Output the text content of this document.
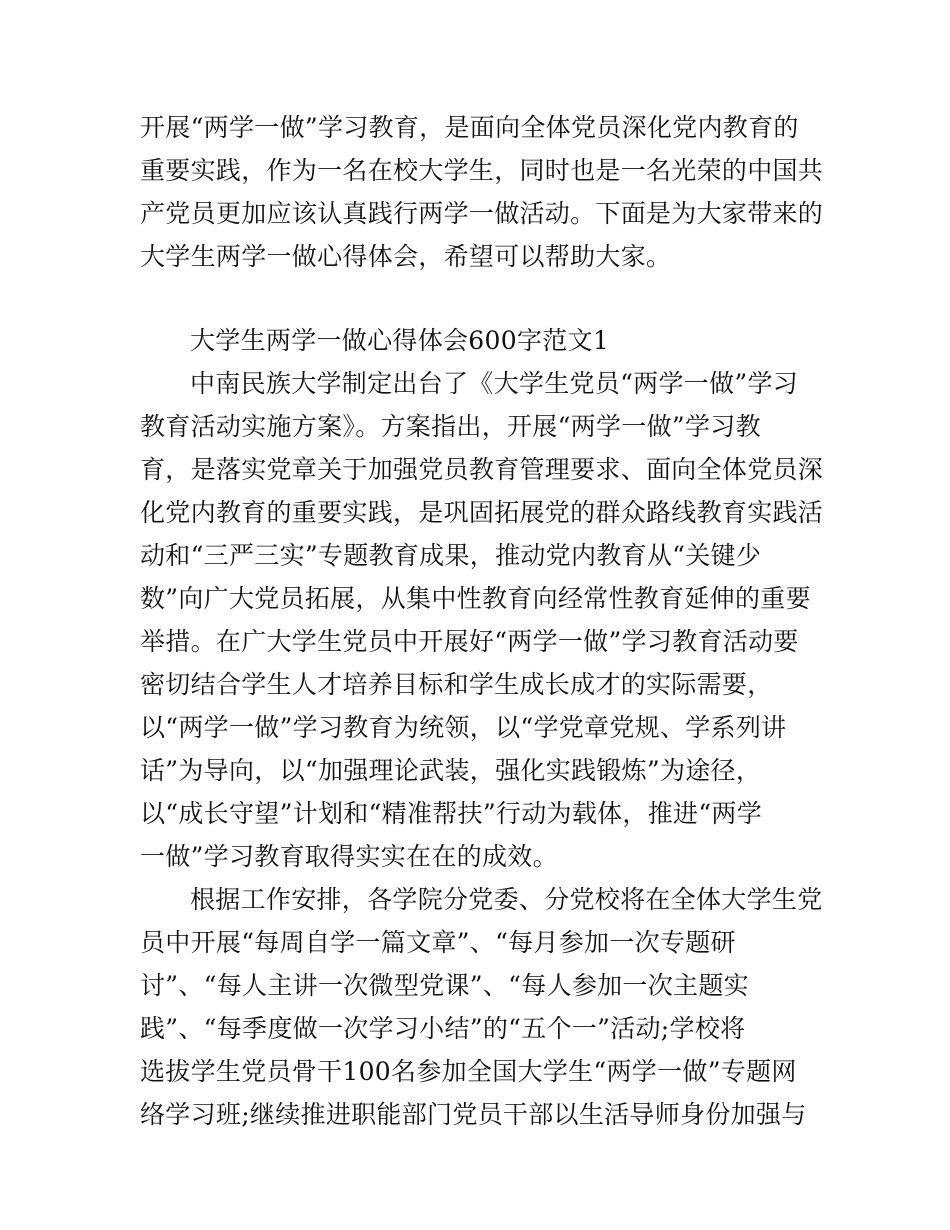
开展“两学一做”学习教育，是面向全体党员深化党内教育的
重要实践，作为一名在校大学生，同时也是一名光荣的中国共
产党员更加应该认真践行两学一做活动。下面是为大家带来的
大学生两学一做心得体会，希望可以帮助大家。
大学生两学一做心得体会600字范文1
中南民族大学制定出台了《大学生党员“两学一做”学习
教育活动实施方案》。方案指出，开展“两学一做”学习教
育，是落实党章关于加强党员教育管理要求、面向全体党员深
化党内教育的重要实践，是巩固拓展党的群众路线教育实践活
动和“三严三实”专题教育成果，推动党内教育从“关键少
数”向广大党员拓展，从集中性教育向经常性教育延伸的重要
举措。在广大学生党员中开展好“两学一做”学习教育活动要
密切结合学生人才培养目标和学生成长成才的实际需要，
以“两学一做”学习教育为统领，以“学党章党规、学系列讲
话”为导向，以“加强理论武装，强化实践锻炼”为途径，
以“成长守望”计划和“精准帮扶”行动为载体，推进“两学
一做”学习教育取得实实在在的成效。
根据工作安排，各学院分党委、分党校将在全体大学生党
员中开展“每周自学一篇文章”、“每月参加一次专题研
讨”、“每人主讲一次微型党课”、“每人参加一次主题实
践”、“每季度做一次学习小结”的“五个一”活动;学校将
选拔学生党员骨干100名参加全国大学生“两学一做”专题网
络学习班;继续推进职能部门党员干部以生活导师身份加强与
